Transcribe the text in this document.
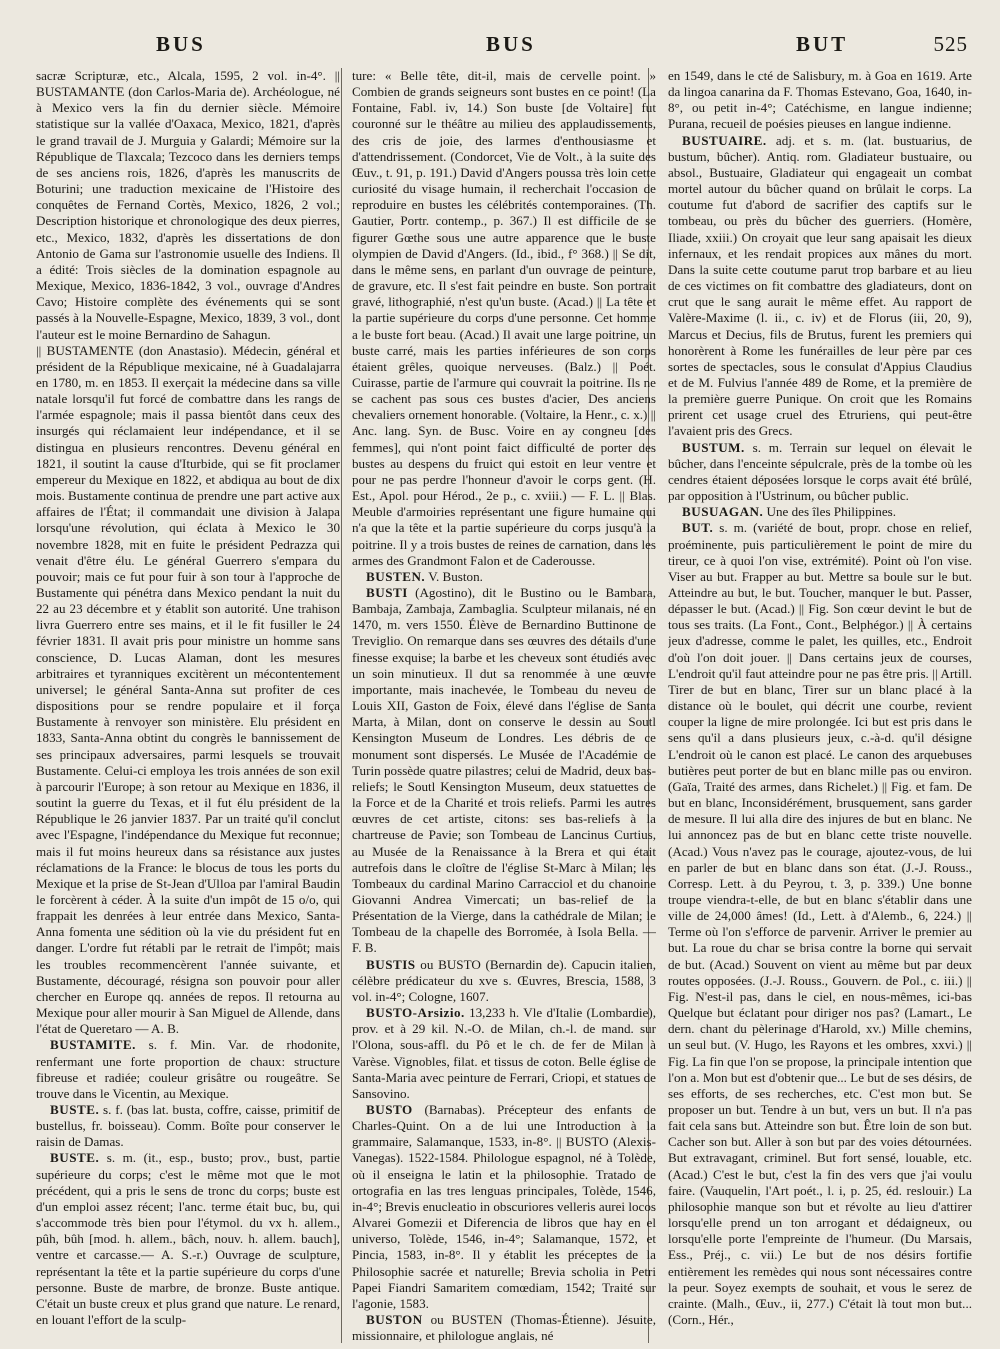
BUS	BUS	BUT	525

sacræ Scripturæ, etc., Alcala, 1595, 2 vol. in-4°. || BUSTAMANTE (don Carlos-Maria de). Archéologue, né à Mexico vers la fin du dernier siècle. Mémoire statistique sur la vallée d'Oaxaca, Mexico, 1821, d'après le grand travail de J. Murguia y Galardi; Mémoire sur la République de Tlaxcala; Tezcoco dans les derniers temps de ses anciens rois, 1826, d'après les manuscrits de Boturini; une traduction mexicaine de l'Histoire des conquêtes de Fernand Cortès, Mexico, 1826, 2 vol.; Description historique et chronologique des deux pierres, etc., Mexico, 1832, d'après les dissertations de don Antonio de Gama sur l'astronomie usuelle des Indiens. Il a édité: Trois siècles de la domination espagnole au Mexique, Mexico, 1836-1842, 3 vol., ouvrage d'Andres Cavo; Histoire complète des événements qui se sont passés à la Nouvelle-Espagne, Mexico, 1839, 3 vol., dont l'auteur est le moine Bernardino de Sahagun.

|| BUSTAMENTE (don Anastasio). Médecin, général et président de la République mexicaine, né à Guadalajarra en 1780, m. en 1853. Il exerçait la médecine dans sa ville natale lorsqu'il fut forcé de combattre dans les rangs de l'armée espagnole; mais il passa bientôt dans ceux des insurgés qui réclamaient leur indépendance, et il se distingua en plusieurs rencontres. Devenu général en 1821, il soutint la cause d'Iturbide, qui se fit proclamer empereur du Mexique en 1822, et abdiqua au bout de dix mois. Bustamente continua de prendre une part active aux affaires de l'État; il commandait une division à Jalapa lorsqu'une révolution, qui éclata à Mexico le 30 novembre 1828, mit en fuite le président Pedrazza qui venait d'être élu. Le général Guerrero s'empara du pouvoir; mais ce fut pour fuir à son tour à l'approche de Bustamente qui pénétra dans Mexico pendant la nuit du 22 au 23 décembre et y établit son autorité. Une trahison livra Guerrero entre ses mains, et il le fit fusiller le 24 février 1831. Il avait pris pour ministre un homme sans conscience, D. Lucas Alaman, dont les mesures arbitraires et tyranniques excitèrent un mécontentement universel; le général Santa-Anna sut profiter de ces dispositions pour se rendre populaire et il força Bustamente à renvoyer son ministère. Elu président en 1833, Santa-Anna obtint du congrès le bannissement de ses principaux adversaires, parmi lesquels se trouvait Bustamente. Celui-ci employa les trois années de son exil à parcourir l'Europe; à son retour au Mexique en 1836, il soutint la guerre du Texas, et il fut élu président de la République le 26 janvier 1837. Par un traité qu'il conclut avec l'Espagne, l'indépendance du Mexique fut reconnue; mais il fut moins heureux dans sa résistance aux justes réclamations de la France: le blocus de tous les ports du Mexique et la prise de St-Jean d'Ulloa par l'amiral Baudin le forcèrent à céder. À la suite d'un impôt de 15 o/o, qui frappait les denrées à leur entrée dans Mexico, Santa-Anna fomenta une sédition où la vie du président fut en danger. L'ordre fut rétabli par le retrait de l'impôt; mais les troubles recommencèrent l'année suivante, et Bustamente, découragé, résigna son pouvoir pour aller chercher en Europe qq. années de repos. Il retourna au Mexique pour aller mourir à San Miguel de Allende, dans l'état de Queretaro — A. B.

BUSTAMITE. s. f. Min. Var. de rhodonite, renfermant une forte proportion de chaux: structure fibreuse et radiée; couleur grisâtre ou rougeâtre. Se trouve dans le Vicentin, au Mexique.

BUSTE. s. f. (bas lat. busta, coffre, caisse, primitif de bustellus, fr. boisseau). Comm. Boîte pour conserver le raisin de Damas.

BUSTE. s. m. (it., esp., busto; prov., bust, partie supérieure du corps; c'est le même mot que le mot précédent, qui a pris le sens de tronc du corps; buste est d'un emploi assez récent; l'anc. terme était buc, bu, qui s'accommode très bien pour l'étymol. du vx h. allem., pûh, bûh [mod. h. allem., bâch, nouv. h. allem. bauch], ventre et carcasse.— A. S.-r.) Ouvrage de sculpture, représentant la tête et la partie supérieure du corps d'une personne. Buste de marbre, de bronze. Buste antique. C'était un buste creux et plus grand que nature. Le renard, en louant l'effort de la sculp-

ture: « Belle tête, dit-il, mais de cervelle point. » Combien de grands seigneurs sont bustes en ce point! (La Fontaine, Fabl. iv, 14.) Son buste [de Voltaire] fut couronné sur le théâtre au milieu des applaudissements, des cris de joie, des larmes d'enthousiasme et d'attendrissement. (Condorcet, Vie de Volt., à la suite des Œuv., t. 91, p. 191.) David d'Angers poussa très loin cette curiosité du visage humain, il recherchait l'occasion de reproduire en bustes les célébrités contemporaines. (Th. Gautier, Portr. contemp., p. 367.) Il est difficile de se figurer Gœthe sous une autre apparence que le buste olympien de David d'Angers. (Id., ibid., f° 368.) || Se dit, dans le même sens, en parlant d'un ouvrage de peinture, de gravure, etc. Il s'est fait peindre en buste. Son portrait gravé, lithographié, n'est qu'un buste. (Acad.) || La tête et la partie supérieure du corps d'une personne. Cet homme a le buste fort beau. (Acad.) Il avait une large poitrine, un buste carré, mais les parties inférieures de son corps étaient grêles, quoique nerveuses. (Balz.) || Poét. Cuirasse, partie de l'armure qui couvrait la poitrine. Ils ne se cachent pas sous ces bustes d'acier, Des anciens chevaliers ornement honorable. (Voltaire, la Henr., c. x.) || Anc. lang. Syn. de Busc. Voire en ay congneu [des femmes], qui n'ont point faict difficulté de porter des bustes au despens du fruict qui estoit en leur ventre et pour ne pas perdre l'honneur d'avoir le corps gent. (H. Est., Apol. pour Hérod., 2e p., c. xviii.) — F. L. || Blas. Meuble d'armoiries représentant une figure humaine qui n'a que la tête et la partie supérieure du corps jusqu'à la poitrine. Il y a trois bustes de reines de carnation, dans les armes des Grandmont Falon et de Caderousse.

BUSTEN. V. Buston.

BUSTI (Agostino), dit le Bustino ou le Bambara, Bambaja, Zambaja, Zambaglia. Sculpteur milanais, né en 1470, m. vers 1550. Élève de Bernardino Buttinone de Treviglio. On remarque dans ses œuvres des détails d'une finesse exquise; la barbe et les cheveux sont étudiés avec un soin minutieux. Il dut sa renommée à une œuvre importante, mais inachevée, le Tombeau du neveu de Louis XII, Gaston de Foix, élevé dans l'église de Santa Marta, à Milan, dont on conserve le dessin au Soutl Kensington Museum de Londres. Les débris de ce monument sont dispersés. Le Musée de l'Académie de Turin possède quatre pilastres; celui de Madrid, deux bas-reliefs; le Soutl Kensington Museum, deux statuettes de la Force et de la Charité et trois reliefs. Parmi les autres œuvres de cet artiste, citons: ses bas-reliefs à la chartreuse de Pavie; son Tombeau de Lancinus Curtius, au Musée de la Renaissance à la Brera et qui était autrefois dans le cloître de l'église St-Marc à Milan; les Tombeaux du cardinal Marino Carracciol et du chanoine Giovanni Andrea Vimercati; un bas-relief de la Présentation de la Vierge, dans la cathédrale de Milan; le Tombeau de la chapelle des Borromée, à Isola Bella. — F. B.

BUSTIS ou BUSTO (Bernardin de). Capucin italien, célèbre prédicateur du xve s. Œuvres, Brescia, 1588, 3 vol. in-4°; Cologne, 1607.

BUSTO-Arsizio. 13,233 h. Vle d'Italie (Lombardie), prov. et à 29 kil. N.-O. de Milan, ch.-l. de mand. sur l'Olona, sous-affl. du Pô et le ch. de fer de Milan à Varèse. Vignobles, filat. et tissus de coton. Belle église de Santa-Maria avec peinture de Ferrari, Criopi, et statues de Sansovino.

BUSTO (Barnabas). Précepteur des enfants de Charles-Quint. On a de lui une Introduction à la grammaire, Salamanque, 1533, in-8°. || BUSTO (Alexis-Vanegas). 1522-1584. Philologue espagnol, né à Tolède, où il enseigna le latin et la philosophie. Tratado de ortografia en las tres lenguas principales, Tolède, 1546, in-4°; Brevis enucleatio in obscuriores velleris aurei locos Alvarei Gomezii et Diferencia de libros que hay en el universo, Tolède, 1546, in-4°; Salamanque, 1572, et Pincia, 1583, in-8°. Il y établit les préceptes de la Philosophie sacrée et naturelle; Brevia scholia in Petri Papei Fiandri Samaritem comœdiam, 1542; Traité sur l'agonie, 1583.

BUSTON ou BUSTEN (Thomas-Étienne). Jésuite, missionnaire, et philologue anglais, né

en 1549, dans le cté de Salisbury, m. à Goa en 1619. Arte da lingoa canarina da F. Thomas Estevano, Goa, 1640, in-8°, ou petit in-4°; Catéchisme, en langue indienne; Purana, recueil de poésies pieuses en langue indienne.

BUSTUAIRE. adj. et s. m. (lat. bustuarius, de bustum, bûcher). Antiq. rom. Gladiateur bustuaire, ou absol., Bustuaire, Gladiateur qui engageait un combat mortel autour du bûcher quand on brûlait le corps. La coutume fut d'abord de sacrifier des captifs sur le tombeau, ou près du bûcher des guerriers. (Homère, Iliade, xxiii.) On croyait que leur sang apaisait les dieux infernaux, et les rendait propices aux mânes du mort. Dans la suite cette coutume parut trop barbare et au lieu de ces victimes on fit combattre des gladiateurs, dont on crut que le sang aurait le même effet. Au rapport de Valère-Maxime (l. ii., c. iv) et de Florus (iii, 20, 9), Marcus et Decius, fils de Brutus, furent les premiers qui honorèrent à Rome les funérailles de leur père par ces sortes de spectacles, sous le consulat d'Appius Claudius et de M. Fulvius l'année 489 de Rome, et la première de la première guerre Punique. On croit que les Romains prirent cet usage cruel des Etruriens, qui peut-être l'avaient pris des Grecs.

BUSTUM. s. m. Terrain sur lequel on élevait le bûcher, dans l'enceinte sépulcrale, près de la tombe où les cendres étaient déposées lorsque le corps avait été brûlé, par opposition à l'Ustrinum, ou bûcher public.

BUSUAGAN. Une des îles Philippines.

BUT. s. m. (variété de bout, propr. chose en relief, proéminente, puis particulièrement le point de mire du tireur, ce à quoi l'on vise, extrémité). Point où l'on vise. Viser au but. Frapper au but. Mettre sa boule sur le but. Atteindre au but, le but. Toucher, manquer le but. Passer, dépasser le but. (Acad.) || Fig. Son cœur devint le but de tous ses traits. (La Font., Cont., Belphégor.) || À certains jeux d'adresse, comme le palet, les quilles, etc., Endroit d'où l'on doit jouer. || Dans certains jeux de courses, L'endroit qu'il faut atteindre pour ne pas être pris. || Artill. Tirer de but en blanc, Tirer sur un blanc placé à la distance où le boulet, qui décrit une courbe, revient couper la ligne de mire prolongée. Ici but est pris dans le sens qu'il a dans plusieurs jeux, c.-à-d. qu'il désigne L'endroit où le canon est placé. Le canon des arquebuses butières peut porter de but en blanc mille pas ou environ. (Gaïa, Traité des armes, dans Richelet.) || Fig. et fam. De but en blanc, Inconsidérément, brusquement, sans garder de mesure. Il lui alla dire des injures de but en blanc. Ne lui annoncez pas de but en blanc cette triste nouvelle. (Acad.) Vous n'avez pas le courage, ajoutez-vous, de lui en parler de but en blanc dans son état. (J.-J. Rouss., Corresp. Lett. à du Peyrou, t. 3, p. 339.) Une bonne troupe viendra-t-elle, de but en blanc s'établir dans une ville de 24,000 âmes! (Id., Lett. à d'Alemb., 6, 224.) || Terme où l'on s'efforce de parvenir. Arriver le premier au but. La roue du char se brisa contre la borne qui servait de but. (Acad.) Souvent on vient au même but par deux routes opposées. (J.-J. Rouss., Gouvern. de Pol., c. iii.) || Fig. N'est-il pas, dans le ciel, en nous-mêmes, ici-bas Quelque but éclatant pour diriger nos pas? (Lamart., Le dern. chant du pèlerinage d'Harold, xv.) Mille chemins, un seul but. (V. Hugo, les Rayons et les ombres, xxvi.) || Fig. La fin que l'on se propose, la principale intention que l'on a. Mon but est d'obtenir que... Le but de ses désirs, de ses efforts, de ses recherches, etc. C'est mon but. Se proposer un but. Tendre à un but, vers un but. Il n'a pas fait cela sans but. Atteindre son but. Être loin de son but. Cacher son but. Aller à son but par des voies détournées. But extravagant, criminel. But fort sensé, louable, etc. (Acad.) C'est le but, c'est la fin des vers que j'ai voulu faire. (Vauquelin, l'Art poét., l. i, p. 25, éd. reslouir.) La philosophie manque son but et révolte au lieu d'attirer lorsqu'elle prend un ton arrogant et dédaigneux, ou lorsqu'elle porte l'empreinte de l'humeur. (Du Marsais, Ess., Préj., c. vii.) Le but de nos désirs fortifie entièrement les remèdes qui nous sont nécessaires contre la peur. Soyez exempts de souhait, et vous le serez de crainte. (Malh., Œuv., ii, 277.) C'était là tout mon but... (Corn., Hér.,
